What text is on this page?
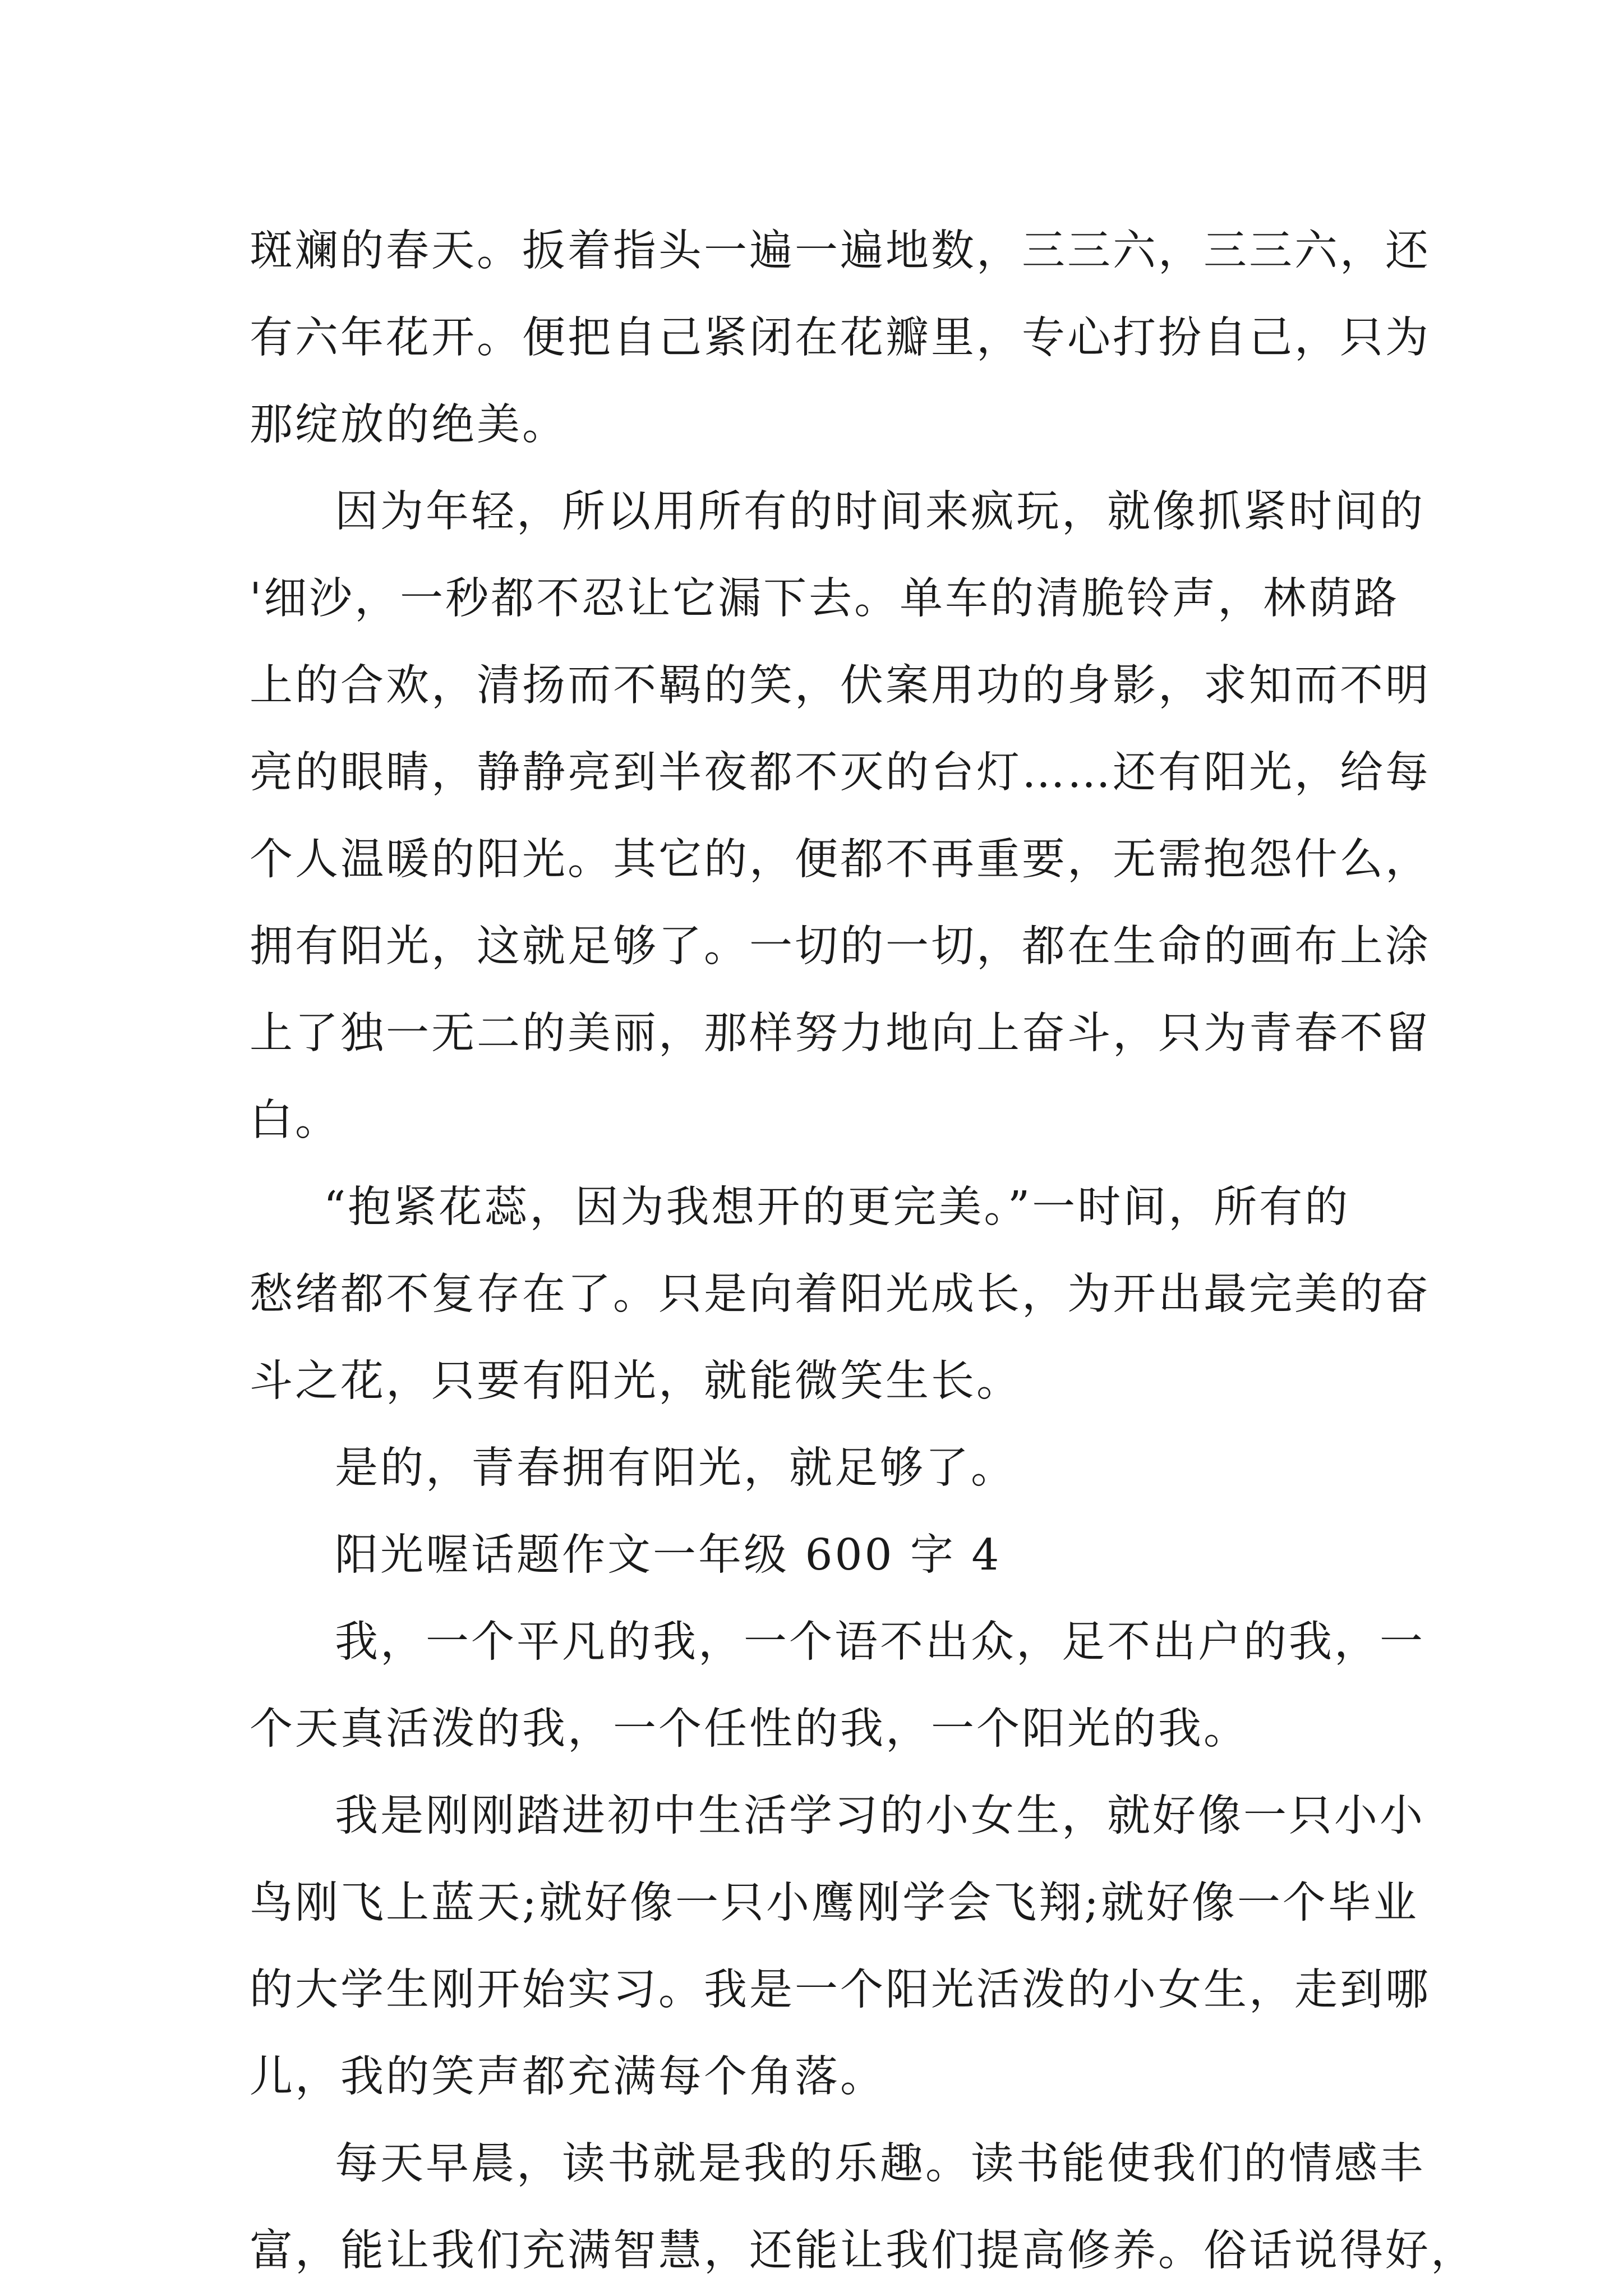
斑斓的春天。扳着指头一遍一遍地数，三三六，三三六，还
有六年花开。便把自己紧闭在花瓣里，专心打扮自己，只为
那绽放的绝美。
因为年轻，所以用所有的时间来疯玩，就像抓紧时间的
'细沙，一秒都不忍让它漏下去。单车的清脆铃声，林荫路
上的合欢，清扬而不羁的笑，伏案用功的身影，求知而不明
亮的眼睛，静静亮到半夜都不灭的台灯……还有阳光，给每
个人温暖的阳光。其它的，便都不再重要，无需抱怨什么，
拥有阳光，这就足够了。一切的一切，都在生命的画布上涂
上了独一无二的美丽，那样努力地向上奋斗，只为青春不留
白。
“抱紧花蕊，因为我想开的更完美。”一时间，所有的
愁绪都不复存在了。只是向着阳光成长，为开出最完美的奋
斗之花，只要有阳光，就能微笑生长。
是的，青春拥有阳光，就足够了。
阳光喔话题作文一年级 600 字 4
我，一个平凡的我，一个语不出众，足不出户的我，一
个天真活泼的我，一个任性的我，一个阳光的我。
我是刚刚踏进初中生活学习的小女生，就好像一只小小
鸟刚飞上蓝天;就好像一只小鹰刚学会飞翔;就好像一个毕业
的大学生刚开始实习。我是一个阳光活泼的小女生，走到哪
儿，我的笑声都充满每个角落。
每天早晨，读书就是我的乐趣。读书能使我们的情感丰
富，能让我们充满智慧，还能让我们提高修养。俗话说得好，
